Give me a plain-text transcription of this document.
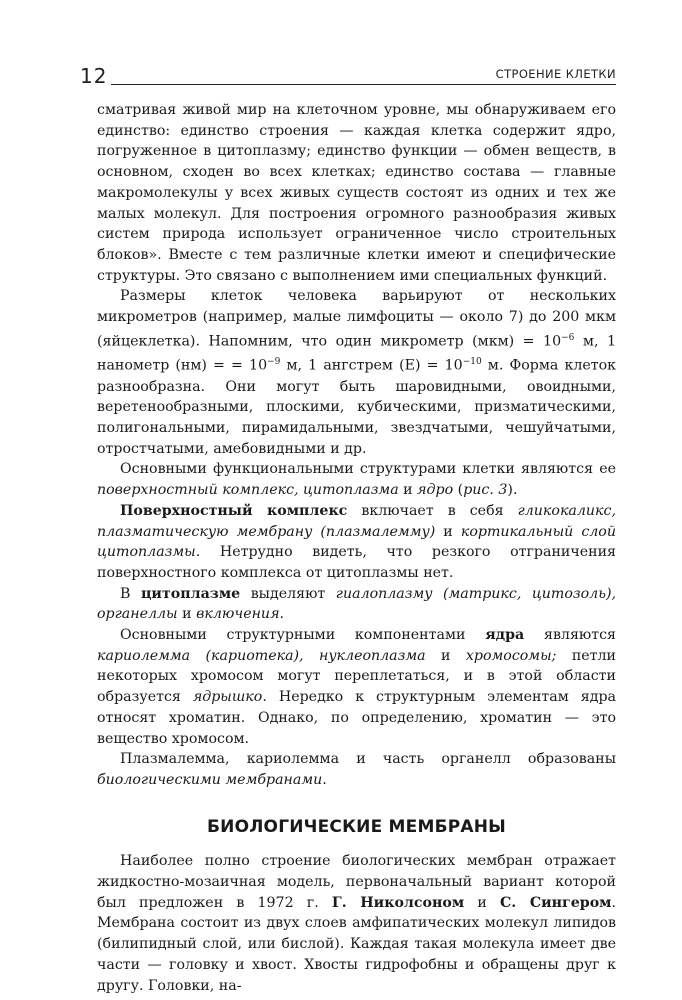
12	СТРОЕНИЕ КЛЕТКИ

сматривая живой мир на клеточном уровне, мы обнаруживаем его единство: единство строения — каждая клетка содержит ядро, погруженное в цитоплазму; единство функции — обмен веществ, в основном, сходен во всех клетках; единство состава — главные макромолекулы у всех живых существ состоят из одних и тех же малых молекул. Для построения огромного разнообразия живых систем природа использует ограниченное число строительных блоков». Вместе с тем различные клетки имеют и специфические структуры. Это связано с выполнением ими специальных функций.

Размеры клеток человека варьируют от нескольких микрометров (например, малые лимфоциты — около 7) до 200 мкм (яйцеклетка). Напомним, что один микрометр $(мкм) = 10^{-6}$ м, 1 нанометр (нм) = = $10^{-9}$ м, 1 ангстрем $(E) = 10^{-10}$ м. Форма клеток разнообразна. Они могут быть шаровидными, овоидными, веретенообразными, плоскими, кубическими, призматическими, полигональными, пирамидальными, звездчатыми, чешуйчатыми, отростчатыми, амебовидными и др.

Основными функциональными структурами клетки являются ее поверхностный комплекс, цитоплазма и ядро (рис. 3).

Поверхностный комплекс включает в себя гликокаликс, плазматическую мембрану (плазмалемму) и кортикальный слой цитоплазмы. Нетрудно видеть, что резкого отграничения поверхностного комплекса от цитоплазмы нет.

В цитоплазме выделяют гиалоплазму (матрикс, цитозоль), органеллы и включения.

Основными структурными компонентами ядра являются кариолемма (кариотека), нуклеоплазма и хромосомы; петли некоторых хромосом могут переплетаться, и в этой области образуется ядрышко. Нередко к структурным элементам ядра относят хроматин. Однако, по определению, хроматин — это вещество хромосом.

Плазмалемма, кариолемма и часть органелл образованы биологическими мембранами.

БИОЛОГИЧЕСКИЕ МЕМБРАНЫ

Наиболее полно строение биологических мембран отражает жидкостно-мозаичная модель, первоначальный вариант которой был предложен в 1972 г. Г. Николсоном и С. Сингером. Мембрана состоит из двух слоев амфипатических молекул липидов (билипидный слой, или бислой). Каждая такая молекула имеет две части — головку и хвост. Хвосты гидрофобны и обращены друг к другу. Головки, на-
